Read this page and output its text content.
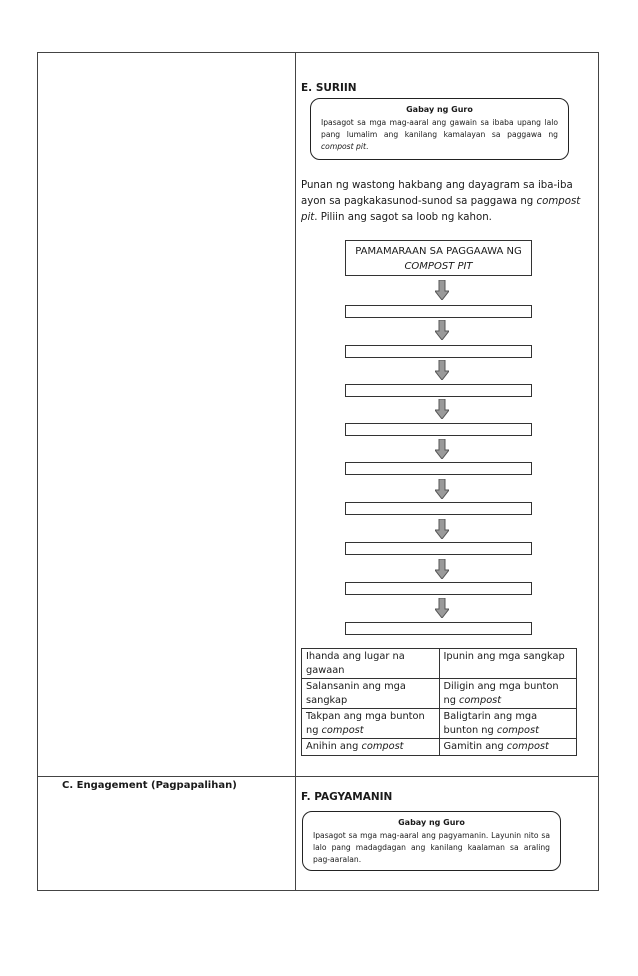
E. SURIIN
Gabay ng Guro
Ipasagot sa mga mag-aaral ang gawain sa ibaba upang lalo pang lumalim ang kanilang kamalayan sa paggawa ng compost pit.
Punan ng wastong hakbang ang dayagram sa iba-iba ayon sa pagkakasunod-sunod sa paggawa ng compost pit. Piliin ang sagot sa loob ng kahon.
PAMAMARAAN SA PAGGAAWA NG
COMPOST PIT
Ihanda ang lugar na gawaan	Ipunin ang mga sangkap
Salansanin ang mga sangkap	Diligin ang mga bunton ng compost
Takpan ang mga bunton ng compost	Baligtarin ang mga bunton ng compost
Anihin ang compost	Gamitin ang compost
C. Engagement (Pagpapalihan)
F. PAGYAMANIN
Gabay ng Guro
Ipasagot sa mga mag-aaral ang pagyamanin. Layunin nito sa lalo pang madagdagan ang kanilang kaalaman sa araling pag-aaralan.
